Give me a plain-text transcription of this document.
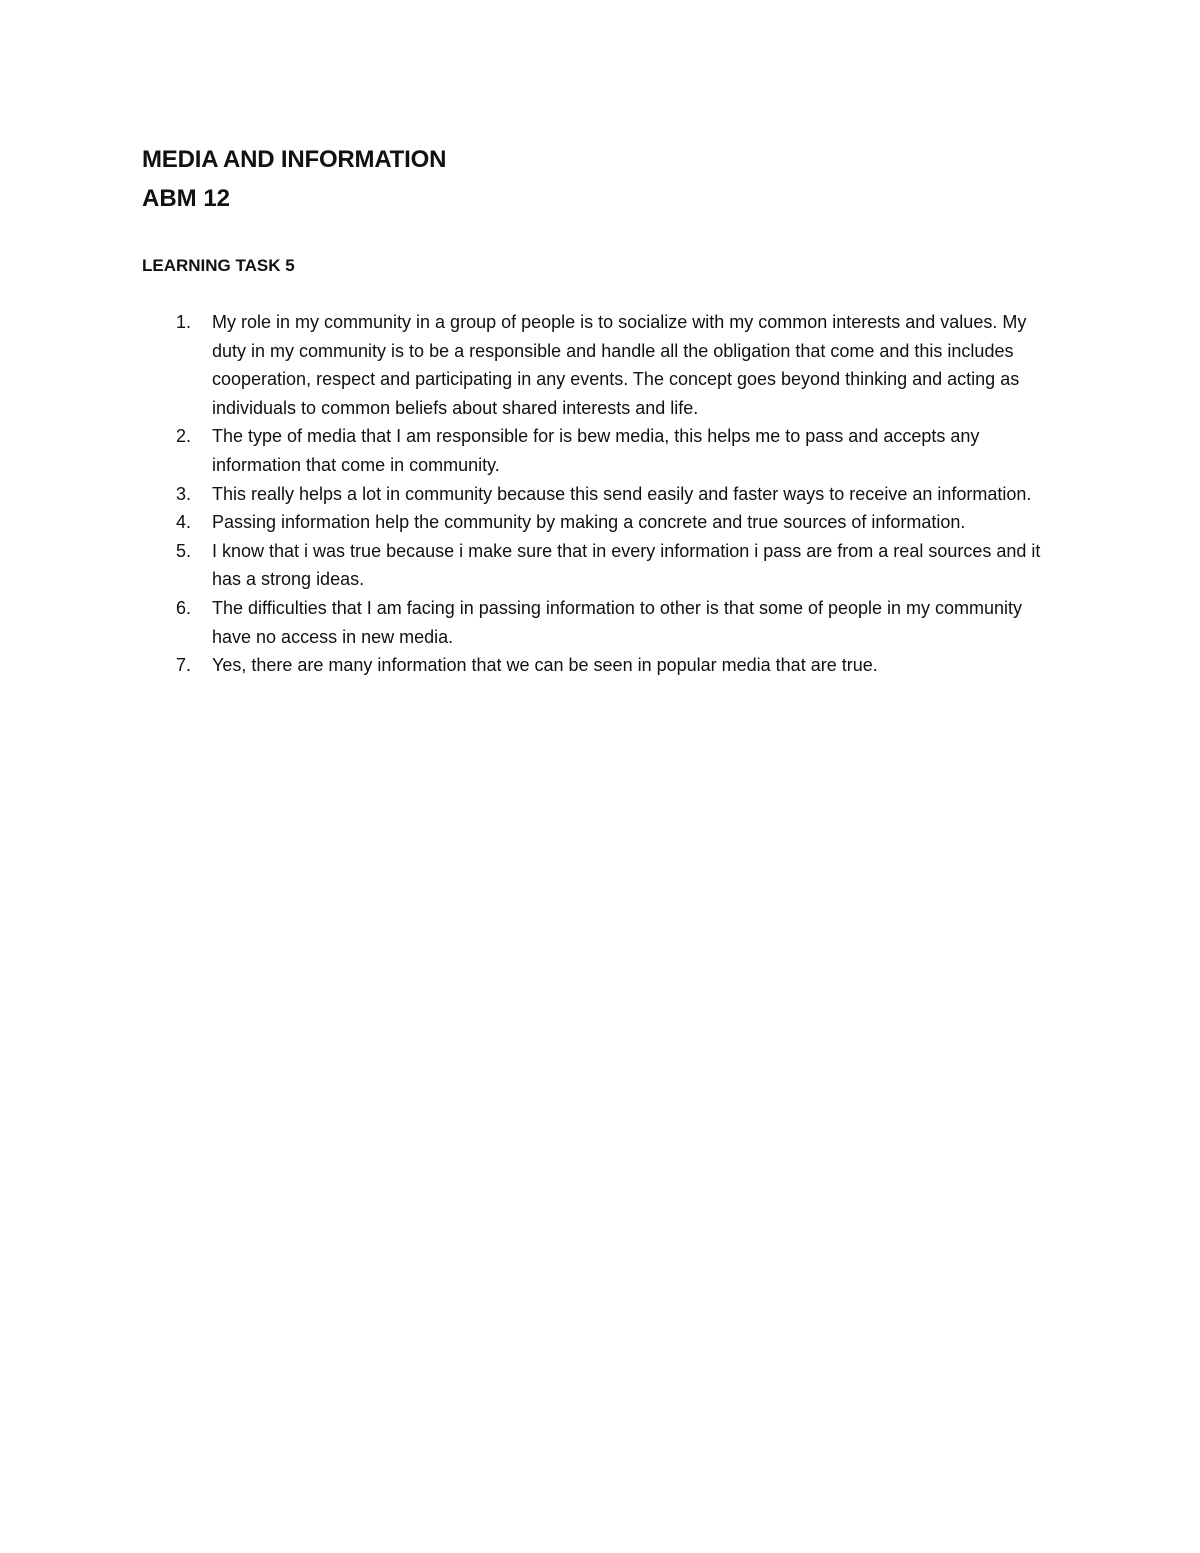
MEDIA AND INFORMATION
ABM 12
LEARNING TASK 5
1.	My role in my community in a group of people is to socialize with my common interests and values. My duty in my community is to be a responsible and handle all the obligation that come and this includes cooperation, respect and participating in any events. The concept goes beyond thinking and acting as individuals to common beliefs about shared interests and life.
2.	The type of media that I am responsible for is bew media, this helps me to pass and accepts any information that come in community.
3.	This really helps a lot in community because this send easily and faster ways to receive an information.
4.	Passing information help the community by making a concrete and true sources of information.
5.	I know that i was true because i make sure that in every information i pass are from a real sources and it has a strong ideas.
6.	The difficulties that I am facing in passing information to other is that some of people in my community have no access in new media.
7.	Yes, there are many information that we can be seen in popular media that are true.
